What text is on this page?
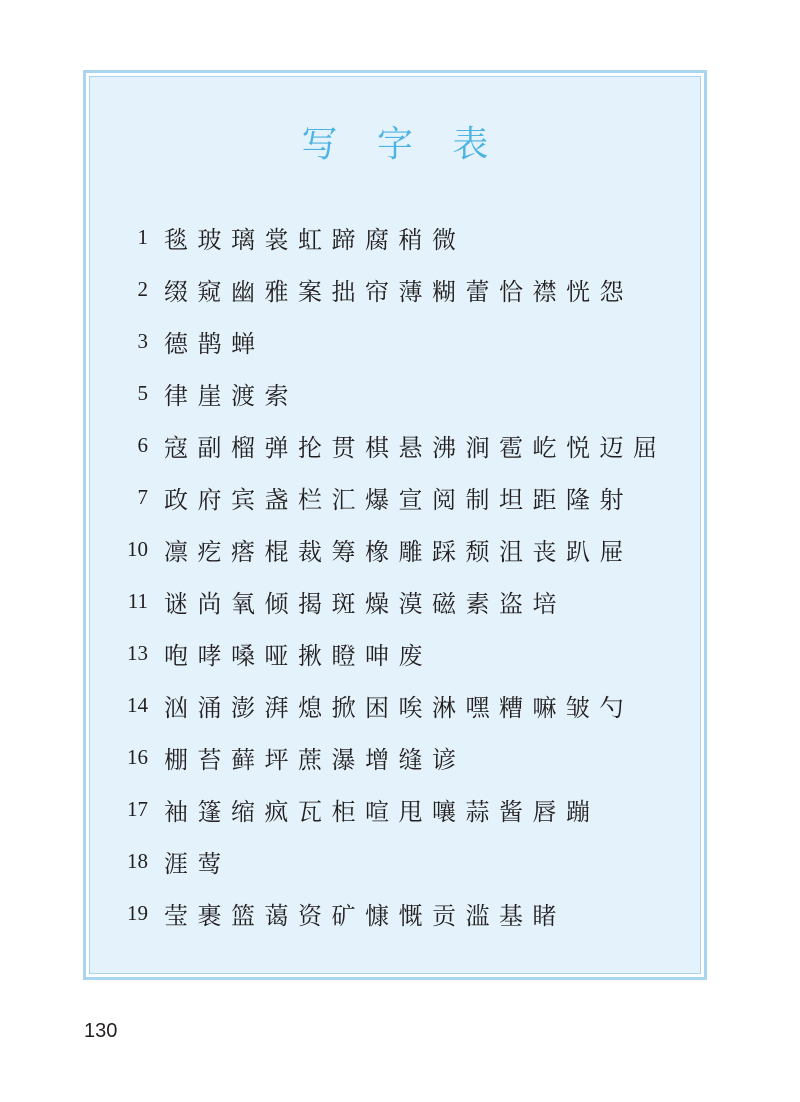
写 字 表
1 毯玻璃裳虹蹄腐稍微
2 缀窥幽雅案拙帘薄糊蕾恰襟恍怨
3 德鹊蝉
5 律崖渡索
6 寇副榴弹抡贯棋悬沸涧雹屹悦迈屈
7 政府宾盏栏汇爆宣阅制坦距隆射
10 凛疙瘩棍裁筹橡雕踩颓沮丧趴屉
11 谜尚氧倾揭斑燥漠磁素盗培
13 咆哮嗓哑揪瞪呻废
14 汹涌澎湃熄掀困唉淋嘿糟嘛皱勺
16 棚苔藓坪蔗瀑增缝谚
17 袖篷缩疯瓦柜喧甩嚷蒜酱唇蹦
18 涯莺
19 莹裹篮蔼资矿慷慨贡滥基睹
130
